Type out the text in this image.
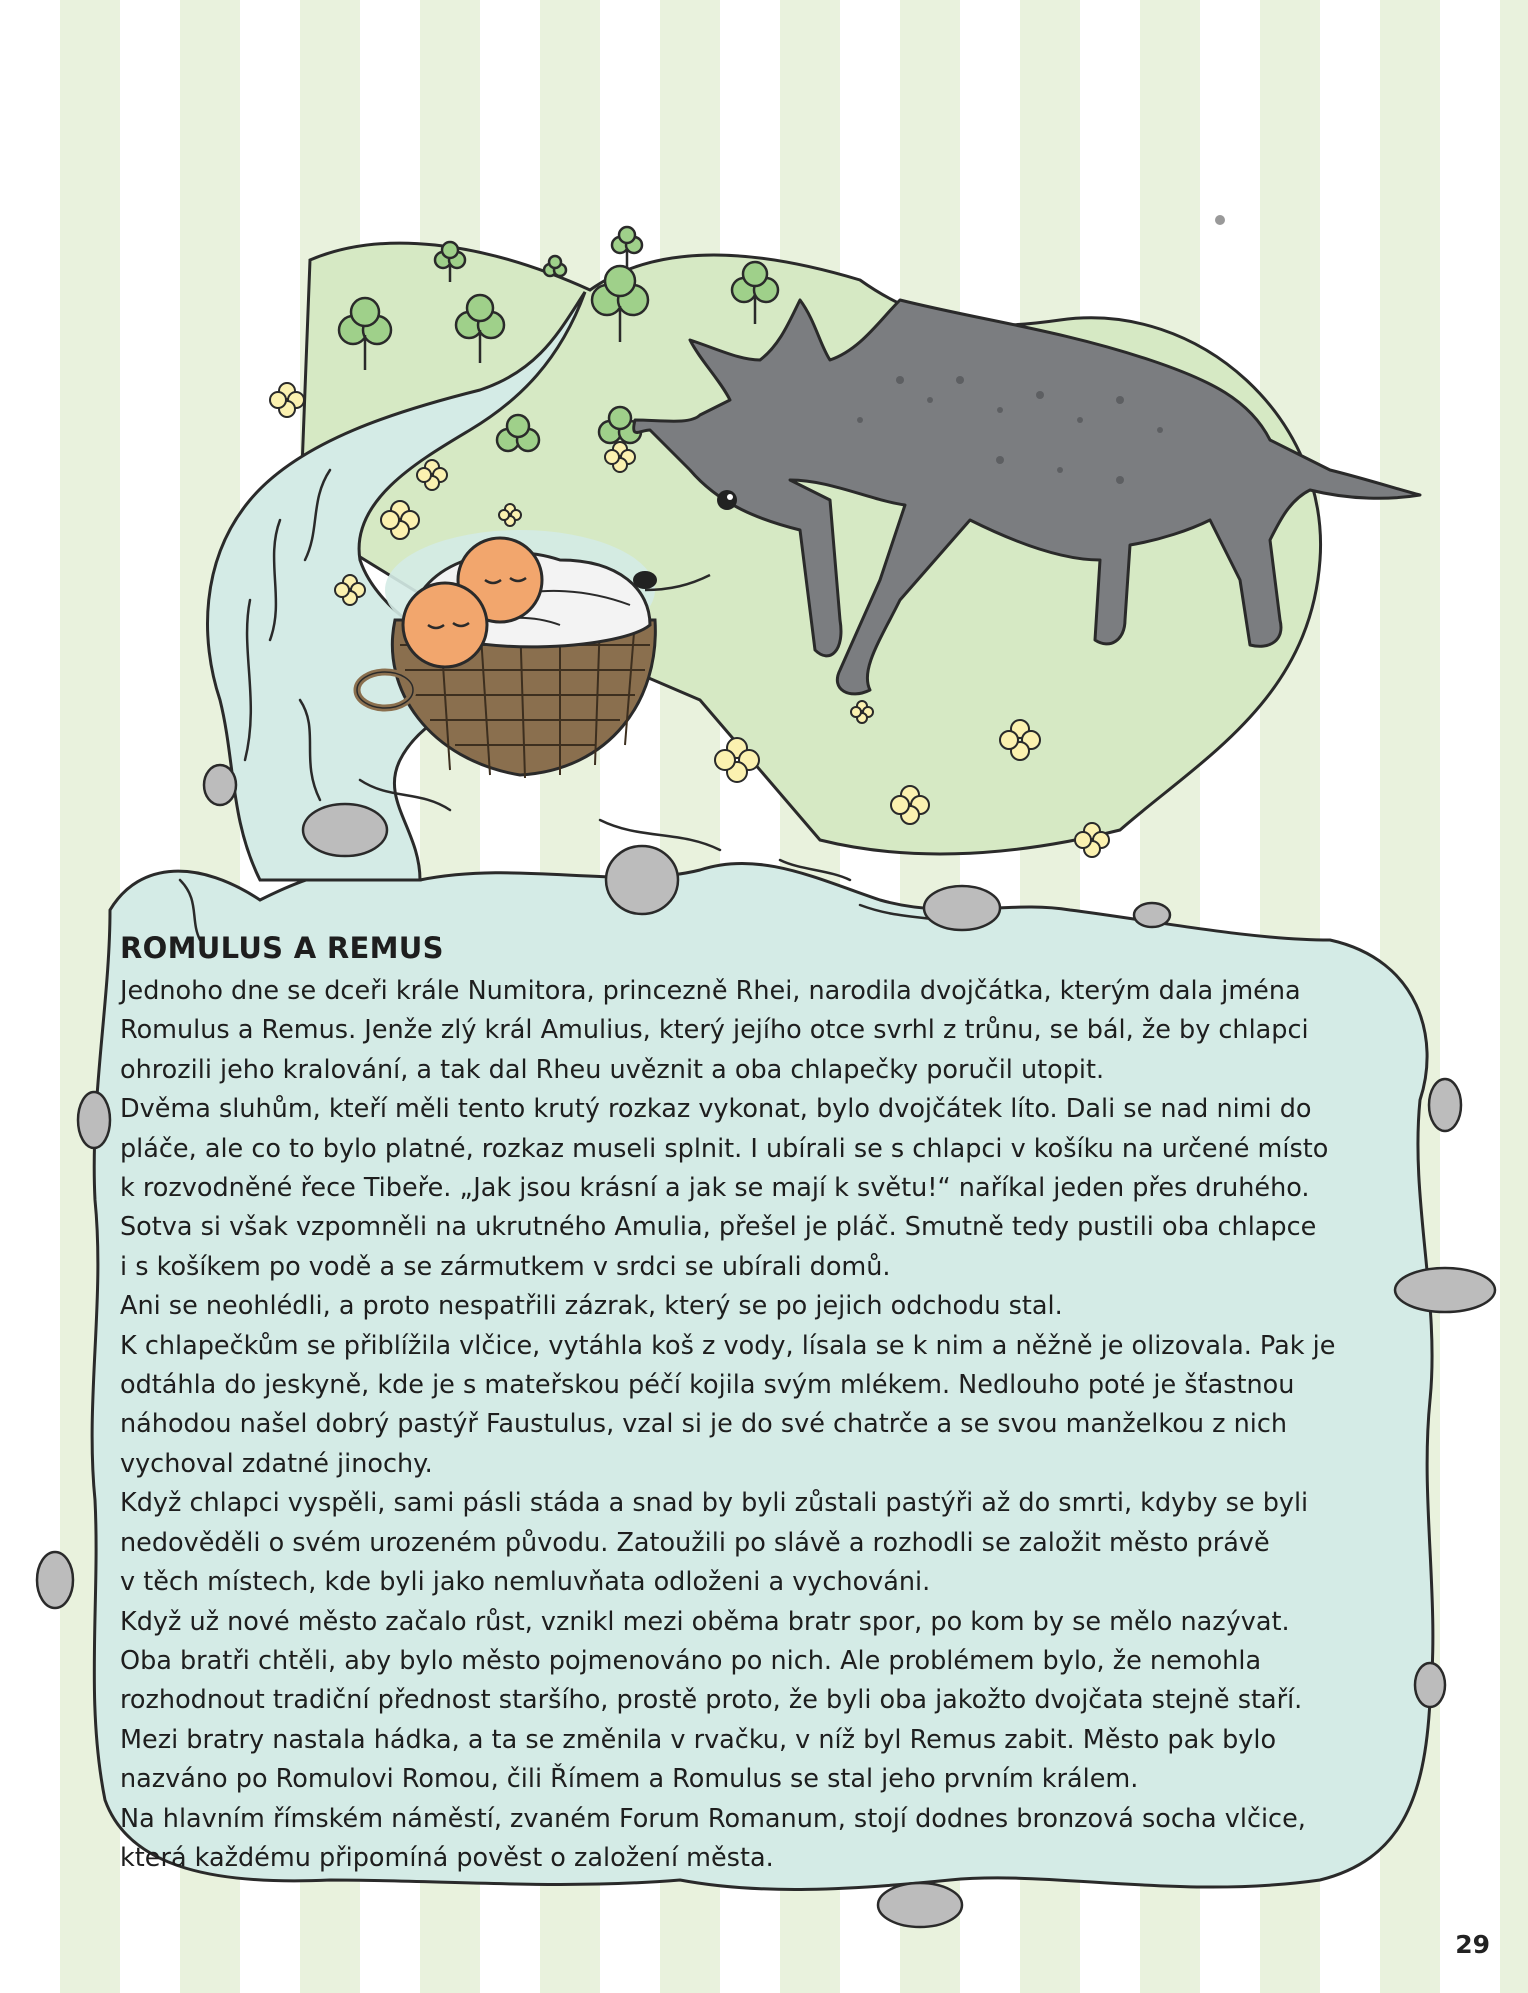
ROMULUS A REMUS

Jednoho dne se dceři krále Numitora, princezně Rhei, narodila dvojčátka, kterým dala jména
Romulus a Remus. Jenže zlý král Amulius, který jejího otce svrhl z trůnu, se bál, že by chlapci
ohrozili jeho kralování, a tak dal Rheu uvěznit a oba chlapečky poručil utopit.

Dvěma sluhům, kteří měli tento krutý rozkaz vykonat, bylo dvojčátek líto. Dali se nad nimi do
pláče, ale co to bylo platné, rozkaz museli splnit. I ubírali se s chlapci v košíku na určené místo
k rozvodněné řece Tibeře. „Jak jsou krásní a jak se mají k světu!“ naříkal jeden přes druhého.
Sotva si však vzpomněli na ukrutného Amulia, přešel je pláč. Smutně tedy pustili oba chlapce
i s košíkem po vodě a se zármutkem v srdci se ubírali domů.

Ani se neohlédli, a proto nespatřili zázrak, který se po jejich odchodu stal.

K chlapečkům se přiblížila vlčice, vytáhla koš z vody, lísala se k nim a něžně je olizovala. Pak je
odtáhla do jeskyně, kde je s mateřskou péčí kojila svým mlékem. Nedlouho poté je šťastnou
náhodou našel dobrý pastýř Faustulus, vzal si je do své chatrče a se svou manželkou z nich
vychoval zdatné jinochy.

Když chlapci vyspěli, sami pásli stáda a snad by byli zůstali pastýři až do smrti, kdyby se byli
nedověděli o svém urozeném původu. Zatoužili po slávě a rozhodli se založit město právě
v těch místech, kde byli jako nemluvňata odloženi a vychováni.

Když už nové město začalo růst, vznikl mezi oběma bratr spor, po kom by se mělo nazývat.
Oba bratři chtěli, aby bylo město pojmenováno po nich. Ale problémem bylo, že nemohla
rozhodnout tradiční přednost staršího, prostě proto, že byli oba jakožto dvojčata stejně staří.
Mezi bratry nastala hádka, a ta se změnila v rvačku, v níž byl Remus zabit. Město pak bylo
nazváno po Romulovi Romou, čili Římem a Romulus se stal jeho prvním králem.

Na hlavním římském náměstí, zvaném Forum Romanum, stojí dodnes bronzová socha vlčice,
která každému připomíná pověst o založení města.

29
